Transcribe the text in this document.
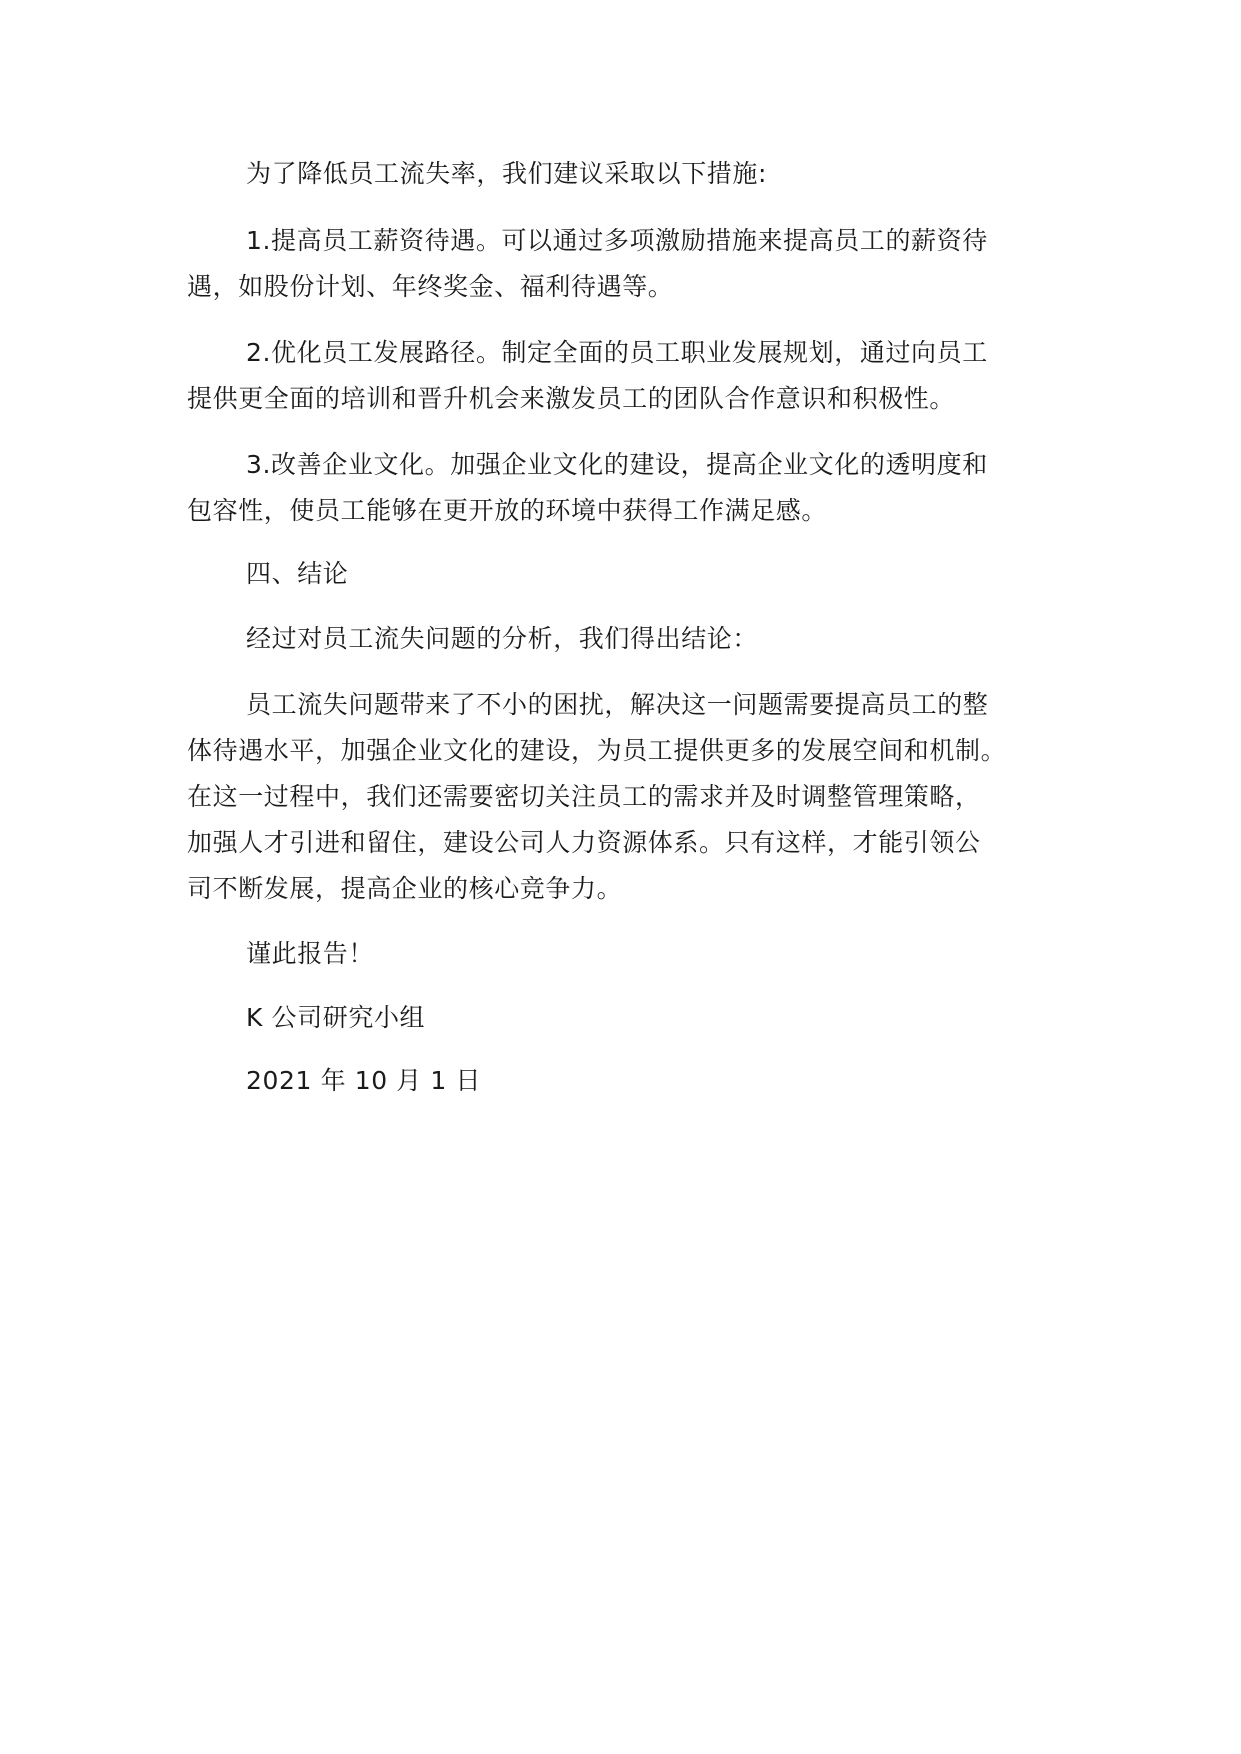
为了降低员工流失率，我们建议采取以下措施:
1.提高员工薪资待遇。可以通过多项激励措施来提高员工的薪资待
遇，如股份计划、年终奖金、福利待遇等。
2.优化员工发展路径。制定全面的员工职业发展规划，通过向员工
提供更全面的培训和晋升机会来激发员工的团队合作意识和积极性。
3.改善企业文化。加强企业文化的建设，提高企业文化的透明度和
包容性，使员工能够在更开放的环境中获得工作满足感。
四、结论
经过对员工流失问题的分析，我们得出结论：
员工流失问题带来了不小的困扰，解决这一问题需要提高员工的整
体待遇水平，加强企业文化的建设，为员工提供更多的发展空间和机制。
在这一过程中，我们还需要密切关注员工的需求并及时调整管理策略，
加强人才引进和留住，建设公司人力资源体系。只有这样，才能引领公
司不断发展，提高企业的核心竞争力。
谨此报告！
K 公司研究小组
2021 年 10 月 1 日
